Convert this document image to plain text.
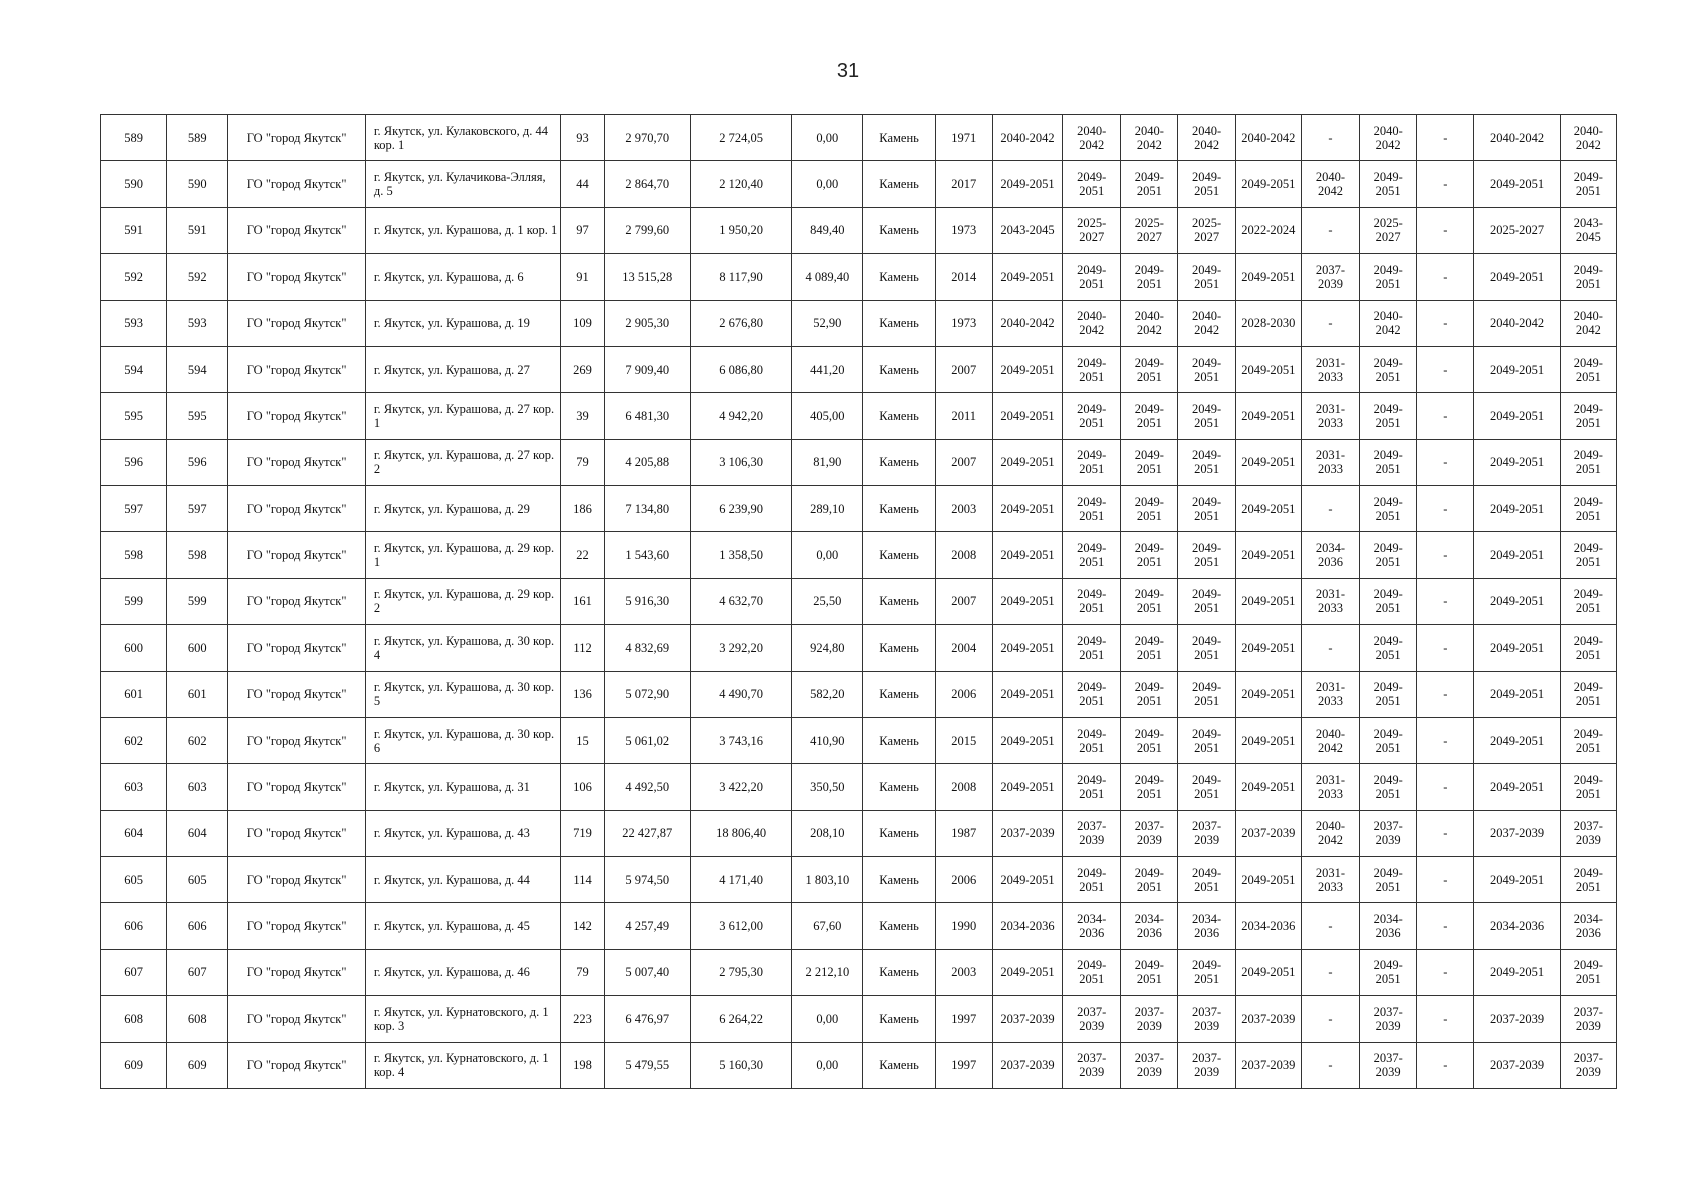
31
589	589	ГО "город Якутск"	г. Якутск, ул. Кулаковского, д. 44 кор. 1	93	2 970,70	2 724,05	0,00	Камень	1971	2040-2042	2040-2042	2040-2042	2040-2042	2040-2042	-	2040-2042	-	2040-2042	2040-2042
590	590	ГО "город Якутск"	г. Якутск, ул. Кулачикова-Элляя, д. 5	44	2 864,70	2 120,40	0,00	Камень	2017	2049-2051	2049-2051	2049-2051	2049-2051	2049-2051	2040-2042	2049-2051	-	2049-2051	2049-2051
591	591	ГО "город Якутск"	г. Якутск, ул. Курашова, д. 1 кор. 1	97	2 799,60	1 950,20	849,40	Камень	1973	2043-2045	2025-2027	2025-2027	2025-2027	2022-2024	-	2025-2027	-	2025-2027	2043-2045
592	592	ГО "город Якутск"	г. Якутск, ул. Курашова, д. 6	91	13 515,28	8 117,90	4 089,40	Камень	2014	2049-2051	2049-2051	2049-2051	2049-2051	2049-2051	2037-2039	2049-2051	-	2049-2051	2049-2051
593	593	ГО "город Якутск"	г. Якутск, ул. Курашова, д. 19	109	2 905,30	2 676,80	52,90	Камень	1973	2040-2042	2040-2042	2040-2042	2040-2042	2028-2030	-	2040-2042	-	2040-2042	2040-2042
594	594	ГО "город Якутск"	г. Якутск, ул. Курашова, д. 27	269	7 909,40	6 086,80	441,20	Камень	2007	2049-2051	2049-2051	2049-2051	2049-2051	2049-2051	2031-2033	2049-2051	-	2049-2051	2049-2051
595	595	ГО "город Якутск"	г. Якутск, ул. Курашова, д. 27 кор. 1	39	6 481,30	4 942,20	405,00	Камень	2011	2049-2051	2049-2051	2049-2051	2049-2051	2049-2051	2031-2033	2049-2051	-	2049-2051	2049-2051
596	596	ГО "город Якутск"	г. Якутск, ул. Курашова, д. 27 кор. 2	79	4 205,88	3 106,30	81,90	Камень	2007	2049-2051	2049-2051	2049-2051	2049-2051	2049-2051	2031-2033	2049-2051	-	2049-2051	2049-2051
597	597	ГО "город Якутск"	г. Якутск, ул. Курашова, д. 29	186	7 134,80	6 239,90	289,10	Камень	2003	2049-2051	2049-2051	2049-2051	2049-2051	2049-2051	-	2049-2051	-	2049-2051	2049-2051
598	598	ГО "город Якутск"	г. Якутск, ул. Курашова, д. 29 кор. 1	22	1 543,60	1 358,50	0,00	Камень	2008	2049-2051	2049-2051	2049-2051	2049-2051	2049-2051	2034-2036	2049-2051	-	2049-2051	2049-2051
599	599	ГО "город Якутск"	г. Якутск, ул. Курашова, д. 29 кор. 2	161	5 916,30	4 632,70	25,50	Камень	2007	2049-2051	2049-2051	2049-2051	2049-2051	2049-2051	2031-2033	2049-2051	-	2049-2051	2049-2051
600	600	ГО "город Якутск"	г. Якутск, ул. Курашова, д. 30 кор. 4	112	4 832,69	3 292,20	924,80	Камень	2004	2049-2051	2049-2051	2049-2051	2049-2051	2049-2051	-	2049-2051	-	2049-2051	2049-2051
601	601	ГО "город Якутск"	г. Якутск, ул. Курашова, д. 30 кор. 5	136	5 072,90	4 490,70	582,20	Камень	2006	2049-2051	2049-2051	2049-2051	2049-2051	2049-2051	2031-2033	2049-2051	-	2049-2051	2049-2051
602	602	ГО "город Якутск"	г. Якутск, ул. Курашова, д. 30 кор. 6	15	5 061,02	3 743,16	410,90	Камень	2015	2049-2051	2049-2051	2049-2051	2049-2051	2049-2051	2040-2042	2049-2051	-	2049-2051	2049-2051
603	603	ГО "город Якутск"	г. Якутск, ул. Курашова, д. 31	106	4 492,50	3 422,20	350,50	Камень	2008	2049-2051	2049-2051	2049-2051	2049-2051	2049-2051	2031-2033	2049-2051	-	2049-2051	2049-2051
604	604	ГО "город Якутск"	г. Якутск, ул. Курашова, д. 43	719	22 427,87	18 806,40	208,10	Камень	1987	2037-2039	2037-2039	2037-2039	2037-2039	2037-2039	2040-2042	2037-2039	-	2037-2039	2037-2039
605	605	ГО "город Якутск"	г. Якутск, ул. Курашова, д. 44	114	5 974,50	4 171,40	1 803,10	Камень	2006	2049-2051	2049-2051	2049-2051	2049-2051	2049-2051	2031-2033	2049-2051	-	2049-2051	2049-2051
606	606	ГО "город Якутск"	г. Якутск, ул. Курашова, д. 45	142	4 257,49	3 612,00	67,60	Камень	1990	2034-2036	2034-2036	2034-2036	2034-2036	2034-2036	-	2034-2036	-	2034-2036	2034-2036
607	607	ГО "город Якутск"	г. Якутск, ул. Курашова, д. 46	79	5 007,40	2 795,30	2 212,10	Камень	2003	2049-2051	2049-2051	2049-2051	2049-2051	2049-2051	-	2049-2051	-	2049-2051	2049-2051
608	608	ГО "город Якутск"	г. Якутск, ул. Курнатовского, д. 1 кор. 3	223	6 476,97	6 264,22	0,00	Камень	1997	2037-2039	2037-2039	2037-2039	2037-2039	2037-2039	-	2037-2039	-	2037-2039	2037-2039
609	609	ГО "город Якутск"	г. Якутск, ул. Курнатовского, д. 1 кор. 4	198	5 479,55	5 160,30	0,00	Камень	1997	2037-2039	2037-2039	2037-2039	2037-2039	2037-2039	-	2037-2039	-	2037-2039	2037-2039
